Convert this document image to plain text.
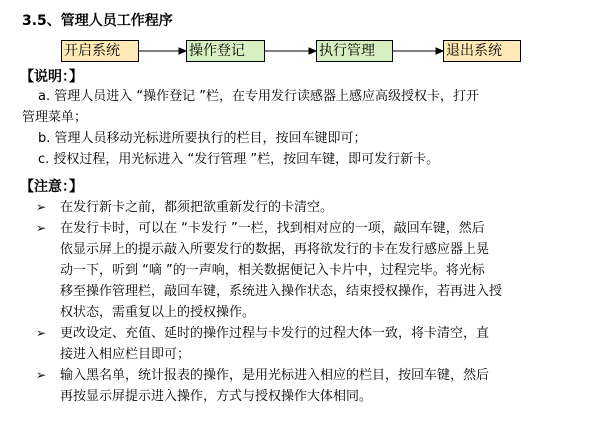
3.5、管理人员工作程序
开启系统	操作登记	执行管理	退出系统
【说明：】
a. 管理人员进入 “操作登记 ”栏，在专用发行读感器上感应高级授权卡，打开
管理菜单；
b. 管理人员移动光标进所要执行的栏目，按回车键即可；
c. 授权过程，用光标进入 “发行管理 ”栏，按回车键，即可发行新卡。
【注意：】
➢ 在发行新卡之前，都须把欲重新发行的卡清空。
➢ 在发行卡时，可以在 “卡发行 ”一栏，找到相对应的一项，敲回车键，然后
依显示屏上的提示敲入所要发行的数据，再将欲发行的卡在发行感应器上晃
动一下，听到 “嘀 ”的一声响，相关数据便记入卡片中，过程完毕。将光标
移至操作管理栏，敲回车键，系统进入操作状态，结束授权操作，若再进入授
权状态，需重复以上的授权操作。
➢ 更改设定、充值、延时的操作过程与卡发行的过程大体一致，将卡清空，直
接进入相应栏目即可；
➢ 输入黑名单，统计报表的操作，是用光标进入相应的栏目，按回车键，然后
再按显示屏提示进入操作，方式与授权操作大体相同。
